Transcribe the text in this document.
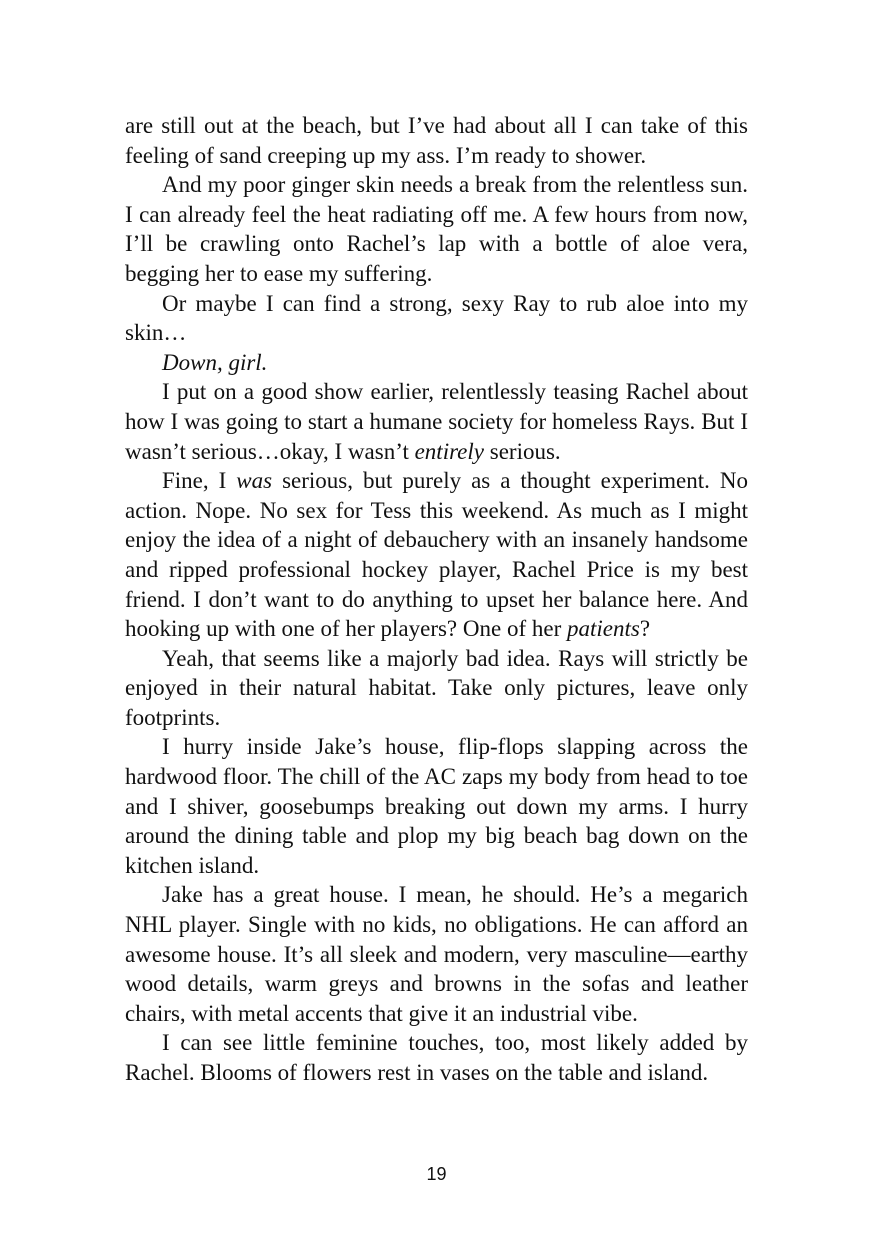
are still out at the beach, but I’ve had about all I can take of this feeling of sand creeping up my ass. I’m ready to shower.

And my poor ginger skin needs a break from the relentless sun. I can already feel the heat radiating off me. A few hours from now, I’ll be crawling onto Rachel’s lap with a bottle of aloe vera, begging her to ease my suffering.

Or maybe I can find a strong, sexy Ray to rub aloe into my skin…

Down, girl.

I put on a good show earlier, relentlessly teasing Rachel about how I was going to start a humane society for homeless Rays. But I wasn’t serious…okay, I wasn’t entirely serious.

Fine, I was serious, but purely as a thought experiment. No action. Nope. No sex for Tess this weekend. As much as I might enjoy the idea of a night of debauchery with an insanely handsome and ripped professional hockey player, Rachel Price is my best friend. I don’t want to do anything to upset her balance here. And hooking up with one of her players? One of her patients?

Yeah, that seems like a majorly bad idea. Rays will strictly be enjoyed in their natural habitat. Take only pictures, leave only footprints.

I hurry inside Jake’s house, flip-flops slapping across the hardwood floor. The chill of the AC zaps my body from head to toe and I shiver, goosebumps breaking out down my arms. I hurry around the dining table and plop my big beach bag down on the kitchen island.

Jake has a great house. I mean, he should. He’s a megarich NHL player. Single with no kids, no obligations. He can afford an awesome house. It’s all sleek and modern, very masculine—earthy wood details, warm greys and browns in the sofas and leather chairs, with metal accents that give it an industrial vibe.

I can see little feminine touches, too, most likely added by Rachel. Blooms of flowers rest in vases on the table and island.

19
